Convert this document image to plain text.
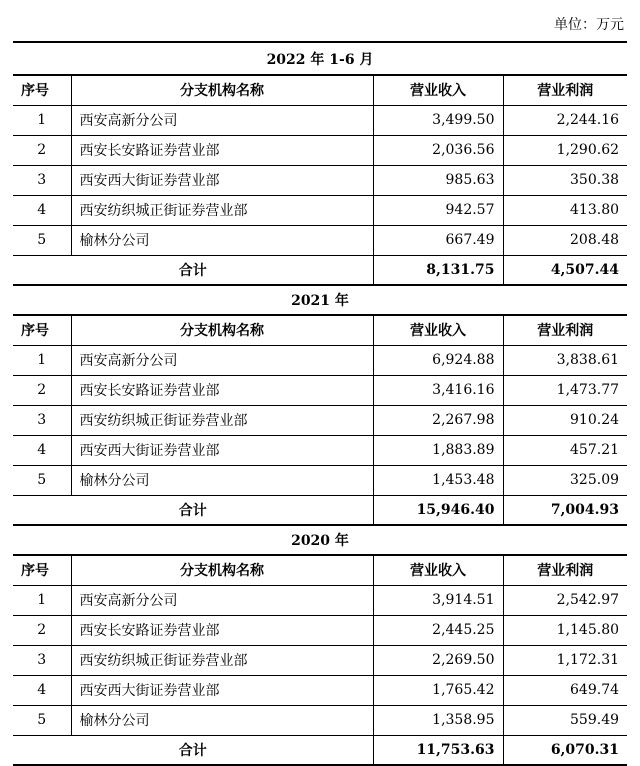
单位：万元
2022 年 1-6 月			
序号	分支机构名称	营业收入	营业利润
1	西安高新分公司	3,499.50	2,244.16
2	西安长安路证券营业部	2,036.56	1,290.62
3	西安西大街证券营业部	985.63	350.38
4	西安纺织城正街证券营业部	942.57	413.80
5	榆林分公司	667.49	208.48
合计		8,131.75	4,507.44
2021 年			
序号	分支机构名称	营业收入	营业利润
1	西安高新分公司	6,924.88	3,838.61
2	西安长安路证券营业部	3,416.16	1,473.77
3	西安纺织城正街证券营业部	2,267.98	910.24
4	西安西大街证券营业部	1,883.89	457.21
5	榆林分公司	1,453.48	325.09
合计		15,946.40	7,004.93
2020 年			
序号	分支机构名称	营业收入	营业利润
1	西安高新分公司	3,914.51	2,542.97
2	西安长安路证券营业部	2,445.25	1,145.80
3	西安纺织城正街证券营业部	2,269.50	1,172.31
4	西安西大街证券营业部	1,765.42	649.74
5	榆林分公司	1,358.95	559.49
合计		11,753.63	6,070.31
